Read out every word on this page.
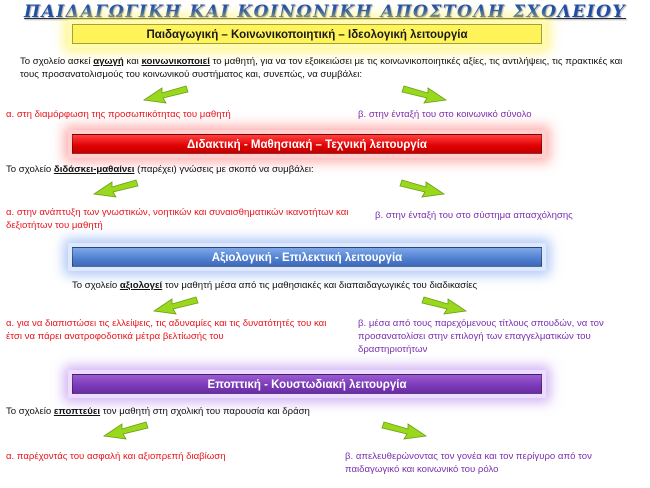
ΠΑΙΔΑΓΩΓΙΚΗ ΚΑΙ ΚΟΙΝΩΝΙΚΗ ΑΠΟΣΤΟΛΗ ΣΧΟΛΕΙΟΥ
Παιδαγωγική – Κοινωνικοποιητική – Ιδεολογική λειτουργία
Το σχολείο ασκεί αγωγή και κοινωνικοποιεί το μαθητή, για να τον εξοικειώσει με τις κοινωνικοποιητικές αξίες, τις αντιλήψεις, τις πρακτικές και τους προσανατολισμούς του κοινωνικού συστήματος και, συνεπώς, να συμβάλει:
α. στη διαμόρφωση της προσωπικότητας του μαθητή	β. στην ένταξή του στο κοινωνικό σύνολο
Διδακτική - Μαθησιακή – Τεχνική λειτουργία
Το σχολείο διδάσκει-μαθαίνει (παρέχει) γνώσεις με σκοπό να συμβάλει:
α. στην ανάπτυξη των γνωστικών, νοητικών και συναισθηματικών ικανοτήτων και δεξιοτήτων του μαθητή
β. στην ένταξή του στο σύστημα απασχόλησης
Αξιολογική - Επιλεκτική λειτουργία
Το σχολείο αξιολογεί τον μαθητή μέσα από τις μαθησιακές και διαπαιδαγωγικές του διαδικασίες
α. για να διαπιστώσει τις ελλείψεις, τις αδυναμίες και τις δυνατότητές του και έτσι να πάρει ανατροφοδοτικά μέτρα βελτίωσής του
β. μέσα από τους παρεχόμενους τίτλους σπουδών, να τον προσανατολίσει στην επιλογή των επαγγελματικών του δραστηριοτήτων
Εποπτική - Κουστωδιακή λειτουργία
Το σχολείο εποπτεύει τον μαθητή στη σχολική του παρουσία και δράση
α. παρέχοντάς του ασφαλή και αξιοπρεπή διαβίωση	β. απελευθερώνοντας τον γονέα και τον περίγυρο από τον παιδαγωγικό και κοινωνικό του ρόλο
